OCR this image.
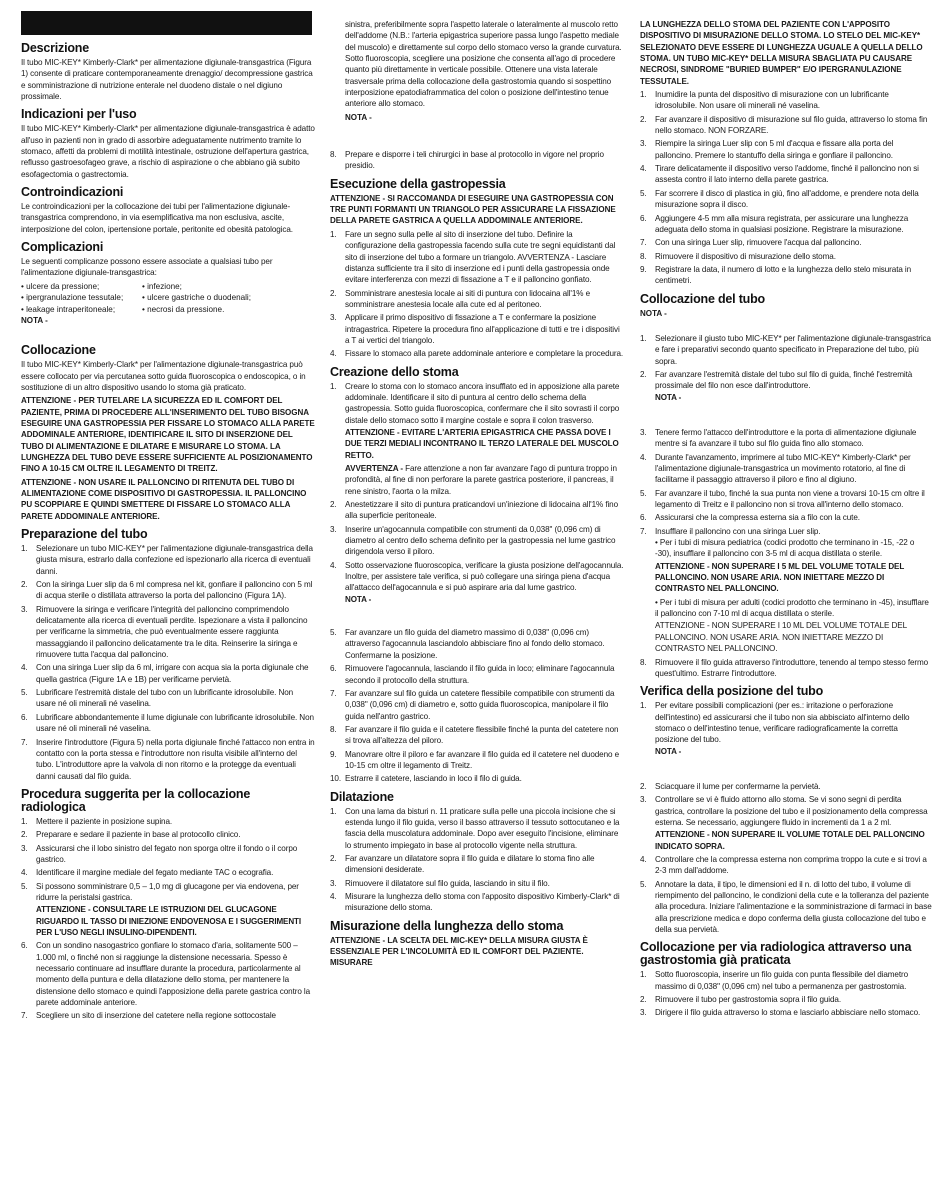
Descrizione
Il tubo MIC-KEY* Kimberly-Clark* per alimentazione digiunale-transgastrica (Figura 1) consente di praticare contemporaneamente drenaggio/ decompressione gastrica e somministrazione di nutrizione enterale nel duodeno distale o nel digiuno prossimale.
Indicazioni per l'uso
Il tubo MIC-KEY* Kimberly-Clark* per alimentazione digiunale-transgastrica è adatto all'uso in pazienti non in grado di assorbire adeguatamente nutrimento tramite lo stomaco, affetti da problemi di motilità intestinale, ostruzione dell'apertura gastrica, reflusso gastroesofageo grave, a rischio di aspirazione o che abbiano già subito esofagectomia o gastrectomia.
Controindicazioni
Le controindicazioni per la collocazione dei tubi per l'alimentazione digiunale-transgastrica comprendono, in via esemplificativa ma non esclusiva, ascite, interposizione del colon, ipertensione portale, peritonite ed obesità patologica.
Complicazioni
Le seguenti complicanze possono essere associate a qualsiasi tubo per l'alimentazione digiunale-transgastrica:
• ulcere da pressione;	• infezione;
• ipergranulazione tessutale;	• ulcere gastriche o duodenali;
• leakage intraperitoneale;	• necrosi da pressione.
NOTA -
Collocazione
Il tubo MIC-KEY* Kimberly-Clark* per l'alimentazione digiunale-transgastrica può essere collocato per via percutanea sotto guida fluoroscopica o endoscopica, o in sostituzione di un altro dispositivo usando lo stoma già praticato.
ATTENZIONE - PER TUTELARE LA SICUREZZA ED IL COMFORT DEL PAZIENTE, PRIMA DI PROCEDERE ALL'INSERIMENTO DEL TUBO BISOGNA ESEGUIRE UNA GASTROPESSIA PER FISSARE LO STOMACO ALLA PARETE ADDOMINALE ANTERIORE, IDENTIFICARE IL SITO DI INSERZIONE DEL TUBO DI ALIMENTAZIONE E DILATARE E MISURARE LO STOMA. LA LUNGHEZZA DEL TUBO DEVE ESSERE SUFFICIENTE AL POSIZIONAMENTO FINO A 10-15 CM OLTRE IL LEGAMENTO DI TREITZ.
ATTENZIONE - NON USARE IL PALLONCINO DI RITENUTA DEL TUBO DI ALIMENTAZIONE COME DISPOSITIVO DI GASTROPESSIA. IL PALLONCINO PU SCOPPIARE E QUINDI SMETTERE DI FISSARE LO STOMACO ALLA PARETE ADDOMINALE ANTERIORE.
Preparazione del tubo
1.	Selezionare un tubo MIC-KEY* per l'alimentazione digiunale-transgastrica della giusta misura, estrarlo dalla confezione ed ispezionarlo alla ricerca di eventuali danni.
2.	Con la siringa Luer slip da 6 ml compresa nel kit, gonfiare il palloncino con 5 ml di acqua sterile o distillata attraverso la porta del palloncino (Figura 1A).
3.	Rimuovere la siringa e verificare l'integrità del palloncino comprimendolo delicatamente alla ricerca di eventuali perdite. Ispezionare a vista il palloncino per verificarne la simmetria, che può eventualmente essere raggiunta massaggiando il palloncino delicatamente tra le dita. Reinserire la siringa e rimuovere tutta l'acqua dal palloncino.
4.	Con una siringa Luer slip da 6 ml, irrigare con acqua sia la porta digiunale che quella gastrica (Figure 1A e 1B) per verificarne pervietà.
5.	Lubrificare l'estremità distale del tubo con un lubrificante idrosolubile. Non usare né oli minerali né vaselina.
6.	Lubrificare abbondantemente il lume digiunale con lubrificante idrosolubile. Non usare né oli minerali né vaselina.
7.	Inserire l'introduttore (Figura 5) nella porta digiunale finché l'attacco non entra in contatto con la porta stessa e l'introduttore non risulta visibile all'interno del tubo. L'introduttore apre la valvola di non ritorno e la protegge da eventuali danni causati dal filo guida.
Procedura suggerita per la collocazione radiologica
1.	Mettere il paziente in posizione supina.
2.	Preparare e sedare il paziente in base al protocollo clinico.
3.	Assicurarsi che il lobo sinistro del fegato non sporga oltre il fondo o il corpo gastrico.
4.	Identificare il margine mediale del fegato mediante TAC o ecografia.
5.	Si possono somministrare 0,5 – 1,0 mg di glucagone per via endovena, per ridurre la peristalsi gastrica.
ATTENZIONE - CONSULTARE LE ISTRUZIONI DEL GLUCAGONE RIGUARDO IL TASSO DI INIEZIONE ENDOVENOSA E I SUGGERIMENTI PER L'USO NEGLI INSULINO-DIPENDENTI.
6.	Con un sondino nasogastrico gonfiare lo stomaco d'aria, solitamente 500 – 1.000 ml, o finché non si raggiunge la distensione necessaria. Spesso è necessario continuare ad insufflare durante la procedura, particolarmente al momento della puntura e della dilatazione dello stoma, per mantenere la distensione dello stomaco e quindi l'apposizione della parete gastrica contro la parete addominale anteriore.
7.	Scegliere un sito di inserzione del catetere nella regione sottocostale
sinistra, preferibilmente sopra l'aspetto laterale o lateralmente al muscolo retto dell'addome (N.B.: l'arteria epigastrica superiore passa lungo l'aspetto mediale del muscolo) e direttamente sul corpo dello stomaco verso la grande curvatura. Sotto fluoroscopia, scegliere una posizione che consenta all'ago di procedere quanto più direttamente in verticale possibile. Ottenere una vista laterale trasversale prima della collocazione della gastrostomia quando si sospettino interposizione epatodiaframmatica del colon o posizione dell'intestino tenue anteriore allo stomaco.
NOTA -
8.	Prepare e disporre i teli chirurgici in base al protocollo in vigore nel proprio presidio.
Esecuzione della gastropessia
ATTENZIONE - SI RACCOMANDA DI ESEGUIRE UNA GASTROPESSIA CON TRE PUNTI FORMANTI UN TRIANGOLO PER ASSICURARE LA FISSAZIONE DELLA PARETE GASTRICA A QUELLA ADDOMINALE ANTERIORE.
1.	Fare un segno sulla pelle al sito di inserzione del tubo. Definire la configurazione della gastropessia facendo sulla cute tre segni equidistanti dal sito di inserzione del tubo a formare un triangolo. AVVERTENZA - Lasciare distanza sufficiente tra il sito di inserzione ed i punti della gastropessia onde evitare interferenza con mezzi di fissazione a T e il palloncino gonfiato.
2.	Somministrare anestesia locale ai siti di puntura con lidocaina all'1% e somministrare anestesia locale alla cute ed al peritoneo.
3.	Applicare il primo dispositivo di fissazione a T e confermare la posizione intragastrica. Ripetere la procedura fino all'applicazione di tutti e tre i dispositivi a T ai vertici del triangolo.
4.	Fissare lo stomaco alla parete addominale anteriore e completare la procedura.
Creazione dello stoma
1.	Creare lo stoma con lo stomaco ancora insufflato ed in apposizione alla parete addominale. Identificare il sito di puntura al centro dello schema della gastropessia. Sotto guida fluoroscopica, confermare che il sito sovrasti il corpo distale dello stomaco sotto il margine costale e sopra il colon trasverso.
ATTENZIONE - EVITARE L'ARTERIA EPIGASTRICA CHE PASSA DOVE I DUE TERZI MEDIALI INCONTRANO IL TERZO LATERALE DEL MUSCOLO RETTO.
AVVERTENZA - Fare attenzione a non far avanzare l'ago di puntura troppo in profondità, al fine di non perforare la parete gastrica posteriore, il pancreas, il rene sinistro, l'aorta o la milza.
2.	Anestetizzare il sito di puntura praticandovi un'iniezione di lidocaina all'1% fino alla superficie peritoneale.
3.	Inserire un'agocannula compatibile con strumenti da 0,038" (0,096 cm) di diametro al centro dello schema definito per la gastropessia nel lume gastrico dirigendola verso il piloro.
4.	Sotto osservazione fluoroscopica, verificare la giusta posizione dell'agocannula. Inoltre, per assistere tale verifica, si può collegare una siringa piena d'acqua all'attacco dell'agocannula e si può aspirare aria dal lume gastrico.
NOTA -
5.	Far avanzare un filo guida del diametro massimo di 0,038" (0,096 cm) attraverso l'agocannula lasciandolo abbisciare fino al fondo dello stomaco. Confermarne la posizione.
6.	Rimuovere l'agocannula, lasciando il filo guida in loco; eliminare l'agocannula secondo il protocollo della struttura.
7.	Far avanzare sul filo guida un catetere flessibile compatibile con strumenti da 0,038" (0,096 cm) di diametro e, sotto guida fluoroscopica, manipolare il filo guida nell'antro gastrico.
8.	Far avanzare il filo guida e il catetere flessibile finché la punta del catetere non si trova all'altezza del piloro.
9.	Manovrare oltre il piloro e far avanzare il filo guida ed il catetere nel duodeno e 10-15 cm oltre il legamento di Treitz.
10. Estrarre il catetere, lasciando in loco il filo di guida.
Dilatazione
1.	Con una lama da bisturi n. 11 praticare sulla pelle una piccola incisione che si estenda lungo il filo guida, verso il basso attraverso il tessuto sottocutaneo e la fascia della muscolatura addominale. Dopo aver eseguito l'incisione, eliminare lo strumento impiegato in base al protocollo vigente nella struttura.
2.	Far avanzare un dilatatore sopra il filo guida e dilatare lo stoma fino alle dimensioni desiderate.
3.	Rimuovere il dilatatore sul filo guida, lasciando in situ il filo.
4.	Misurare la lunghezza dello stoma con l'apposito dispositivo Kimberly-Clark* di misurazione dello stoma.
Misurazione della lunghezza dello stoma
ATTENZIONE - LA SCELTA DEL MIC-KEY* DELLA MISURA GIUSTA È ESSENZIALE PER L'INCOLUMITÀ ED IL COMFORT DEL PAZIENTE. MISURARE
LA LUNGHEZZA DELLO STOMA DEL PAZIENTE CON L'APPOSITO DISPOSITIVO DI MISURAZIONE DELLO STOMA. LO STELO DEL MIC-KEY* SELEZIONATO DEVE ESSERE DI LUNGHEZZA UGUALE A QUELLA DELLO STOMA. UN TUBO MIC-KEY* DELLA MISURA SBAGLIATA PU CAUSARE NECROSI, SINDROME "BURIED BUMPER" E/O IPERGRANULAZIONE TESSUTALE.
1.	Inumidire la punta del dispositivo di misurazione con un lubrificante idrosolubile. Non usare oli minerali né vaselina.
2.	Far avanzare il dispositivo di misurazione sul filo guida, attraverso lo stoma fin nello stomaco. NON FORZARE.
3.	Riempire la siringa Luer slip con 5 ml d'acqua e fissare alla porta del palloncino. Premere lo stantuffo della siringa e gonfiare il palloncino.
4.	Tirare delicatamente il dispositivo verso l'addome, finché il palloncino non si assesta contro il lato interno della parete gastrica.
5.	Far scorrere il disco di plastica in giù, fino all'addome, e prendere nota della misurazione sopra il disco.
6.	Aggiungere 4-5 mm alla misura registrata, per assicurare una lunghezza adeguata dello stoma in qualsiasi posizione. Registrare la misurazione.
7.	Con una siringa Luer slip, rimuovere l'acqua dal palloncino.
8.	Rimuovere il dispositivo di misurazione dello stoma.
9.	Registrare la data, il numero di lotto e la lunghezza dello stelo misurata in centimetri.
Collocazione del tubo
NOTA -
1.	Selezionare il giusto tubo MIC-KEY* per l'alimentazione digiunale-transgastrica e fare i preparativi secondo quanto specificato in Preparazione del tubo, più sopra.
2.	Far avanzare l'estremità distale del tubo sul filo di guida, finché l'estremità prossimale del filo non esce dall'introduttore.
NOTA -
3.	Tenere fermo l'attacco dell'introduttore e la porta di alimentazione digiunale mentre si fa avanzare il tubo sul filo guida fino allo stomaco.
4.	Durante l'avanzamento, imprimere al tubo MIC-KEY* Kimberly-Clark* per l'alimentazione digiunale-transgastrica un movimento rotatorio, al fine di facilitarne il passaggio attraverso il piloro e fino al digiuno.
5.	Far avanzare il tubo, finché la sua punta non viene a trovarsi 10-15 cm oltre il legamento di Treitz e il palloncino non si trova all'interno dello stomaco.
6.	Assicurarsi che la compressa esterna sia a filo con la cute.
7.	Insufflare il palloncino con una siringa Luer slip.
• Per i tubi di misura pediatrica (codici prodotto che terminano in -15, -22 o -30), insufflare il palloncino con 3-5 ml di acqua distillata o sterile.
ATTENZIONE - NON SUPERARE I 5 ML DEL VOLUME TOTALE DEL PALLONCINO. NON USARE ARIA. NON INIETTARE MEZZO DI CONTRASTO NEL PALLONCINO.
• Per i tubi di misura per adulti (codici prodotto che terminano in -45), insufflare il palloncino con 7-10 ml di acqua distillata o sterile.
ATTENZIONE - NON SUPERARE I 10 ML DEL VOLUME TOTALE DEL PALLONCINO. NON USARE ARIA. NON INIETTARE MEZZO DI CONTRASTO NEL PALLONCINO.
8.	Rimuovere il filo guida attraverso l'introduttore, tenendo al tempo stesso fermo quest'ultimo. Estrarre l'introduttore.
Verifica della posizione del tubo
1.	Per evitare possibili complicazioni (per es.: irritazione o perforazione dell'intestino) ed assicurarsi che il tubo non sia abbisciato all'interno dello stomaco o dell'intestino tenue, verificare radiograficamente la corretta posizione del tubo.
NOTA -
2.	Sciacquare il lume per confermarne la pervietà.
3.	Controllare se vi è fluido attorno allo stoma. Se vi sono segni di perdita gastrica, controllare la posizione del tubo e il posizionamento della compressa esterna. Se necessario, aggiungere fluido in incrementi da 1 a 2 ml.
ATTENZIONE - NON SUPERARE IL VOLUME TOTALE DEL PALLONCINO INDICATO SOPRA.
4.	Controllare che la compressa esterna non comprima troppo la cute e si trovi a 2-3 mm dall'addome.
5.	Annotare la data, il tipo, le dimensioni ed il n. di lotto del tubo, il volume di riempimento del palloncino, le condizioni della cute e la tolleranza del paziente alla procedura. Iniziare l'alimentazione e la somministrazione di farmaci in base alla prescrizione medica e dopo conferma della giusta collocazione del tubo e della sua pervietà.
Collocazione per via radiologica attraverso una gastrostomia già praticata
1.	Sotto fluoroscopia, inserire un filo guida con punta flessibile del diametro massimo di 0,038" (0,096 cm) nel tubo a permanenza per gastrostomia.
2.	Rimuovere il tubo per gastrostomia sopra il filo guida.
3.	Dirigere il filo guida attraverso lo stoma e lasciarlo abbisciare nello stomaco.
